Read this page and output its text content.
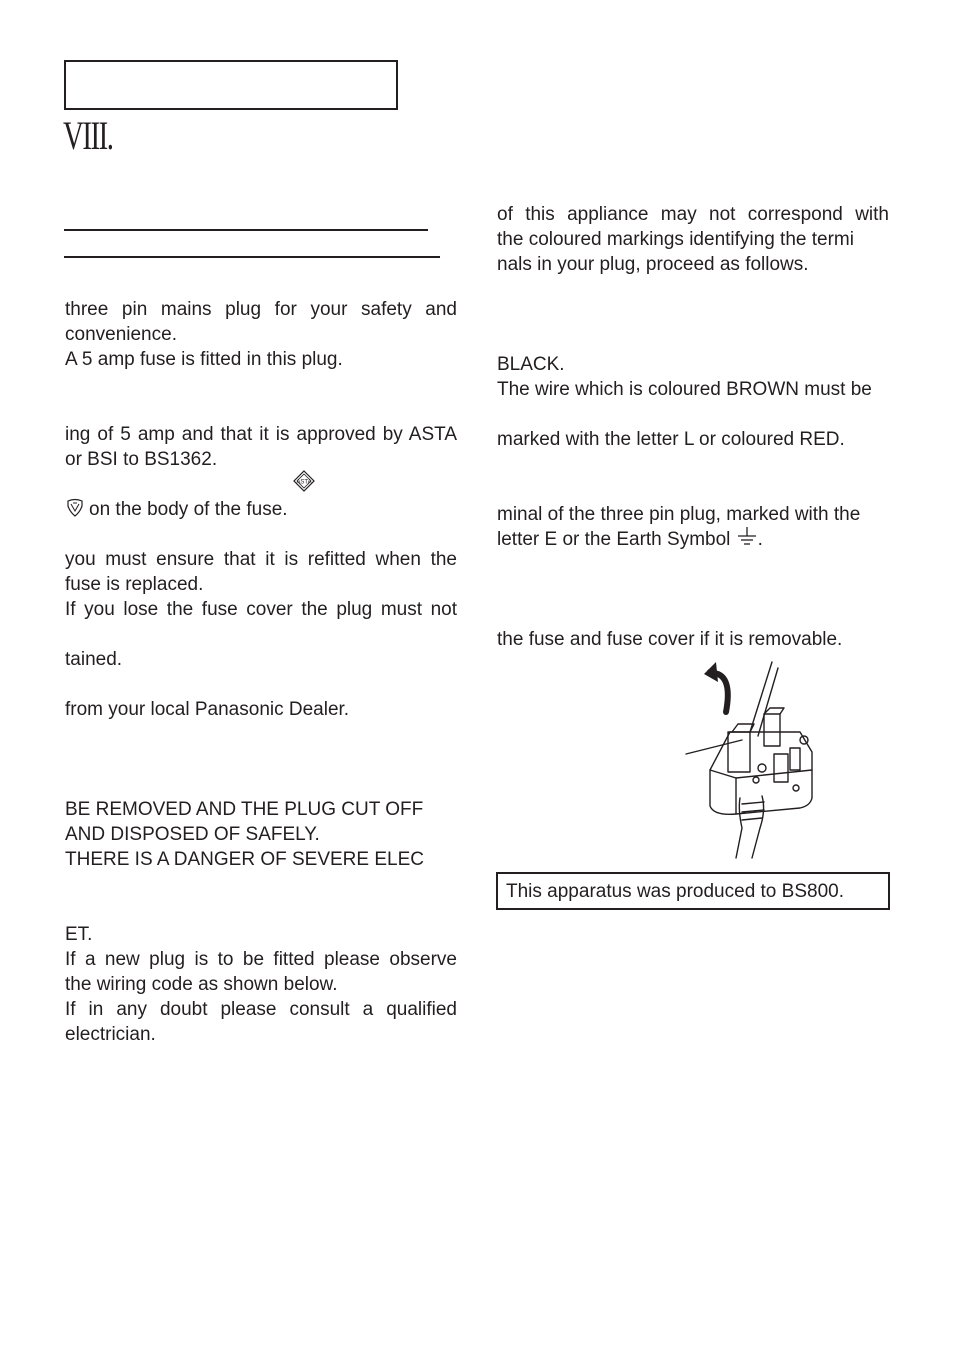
VIII.
three pin mains plug for your safety and
convenience.
A 5 amp fuse is fitted in this plug.
ing of 5 amp and that it is approved by ASTA
or BSI to BS1362.
ASTA
on the body of the fuse.
you must ensure that it is refitted when the
fuse is replaced.
If you lose the fuse cover the plug must not
tained.
from your local Panasonic Dealer.
BE REMOVED AND THE PLUG CUT OFF
AND DISPOSED OF SAFELY.
THERE IS A DANGER OF SEVERE ELEC
ET.
If a new plug is to be fitted please observe
the wiring code as shown below.
If in any doubt please consult a qualified
electrician.
of this appliance may not correspond with
the coloured markings identifying the termi
nals in your plug, proceed as follows.
BLACK.
The wire which is coloured BROWN must be
marked with the letter L or coloured RED.
minal of the three pin plug, marked with the
letter E or the Earth Symbol .
the fuse and fuse cover if it is removable.
This apparatus was produced to BS800.
